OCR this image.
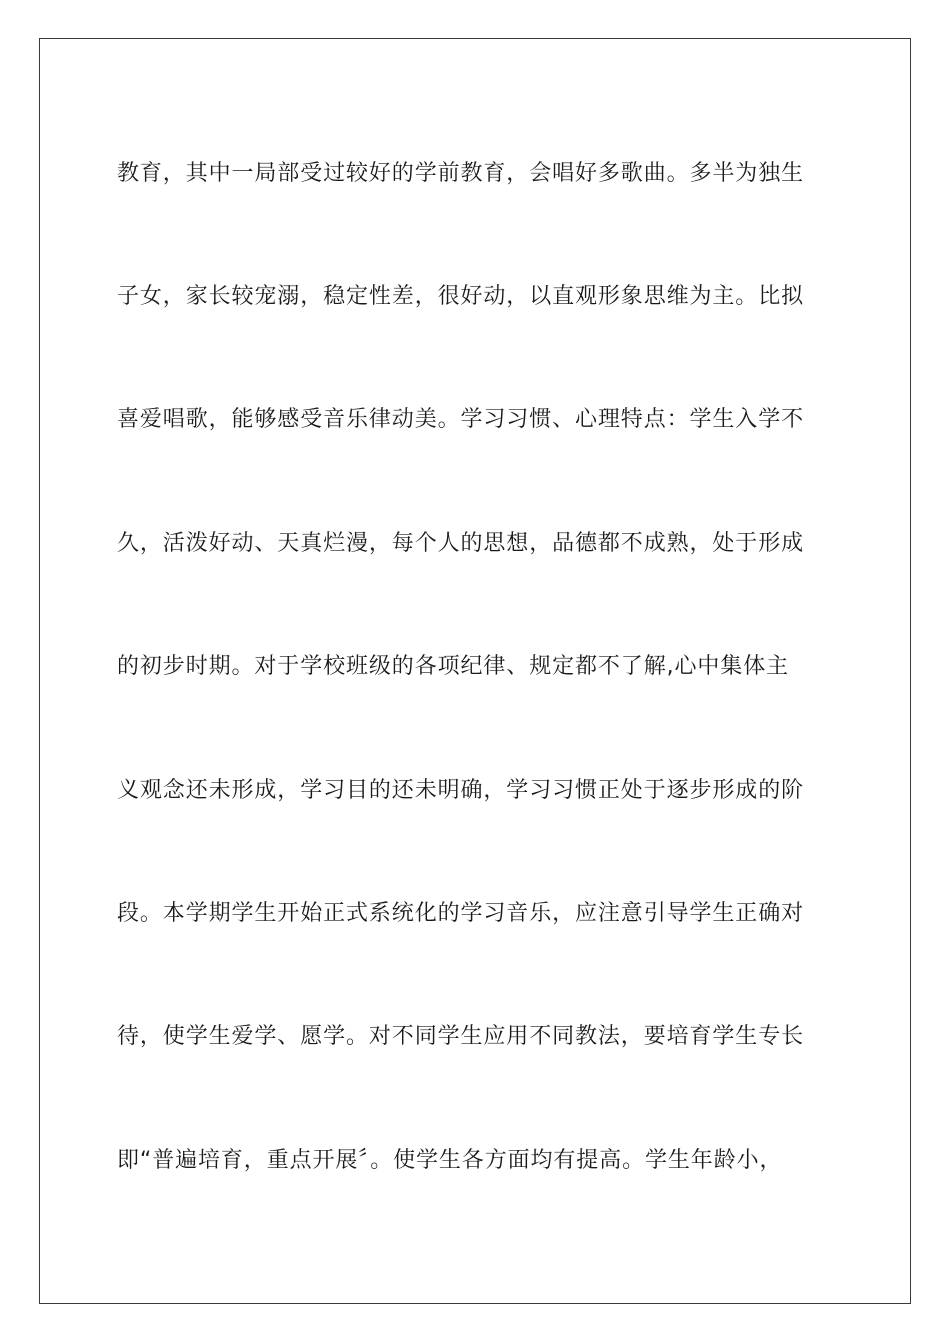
教育，其中一局部受过较好的学前教育，会唱好多歌曲。多半为独生

子女，家长较宠溺，稳定性差，很好动，以直观形象思维为主。比拟

喜爱唱歌，能够感受音乐律动美。学习习惯、心理特点：学生入学不

久，活泼好动、天真烂漫，每个人的思想，品德都不成熟，处于形成

的初步时期。对于学校班级的各项纪律、规定都不了解,心中集体主

义观念还未形成，学习目的还未明确，学习习惯正处于逐步形成的阶

段。本学期学生开始正式系统化的学习音乐，应注意引导学生正确对

待，使学生爱学、愿学。对不同学生应用不同教法，要培育学生专长

即“普遍培育，重点开展〞。使学生各方面均有提高。学生年龄小，
